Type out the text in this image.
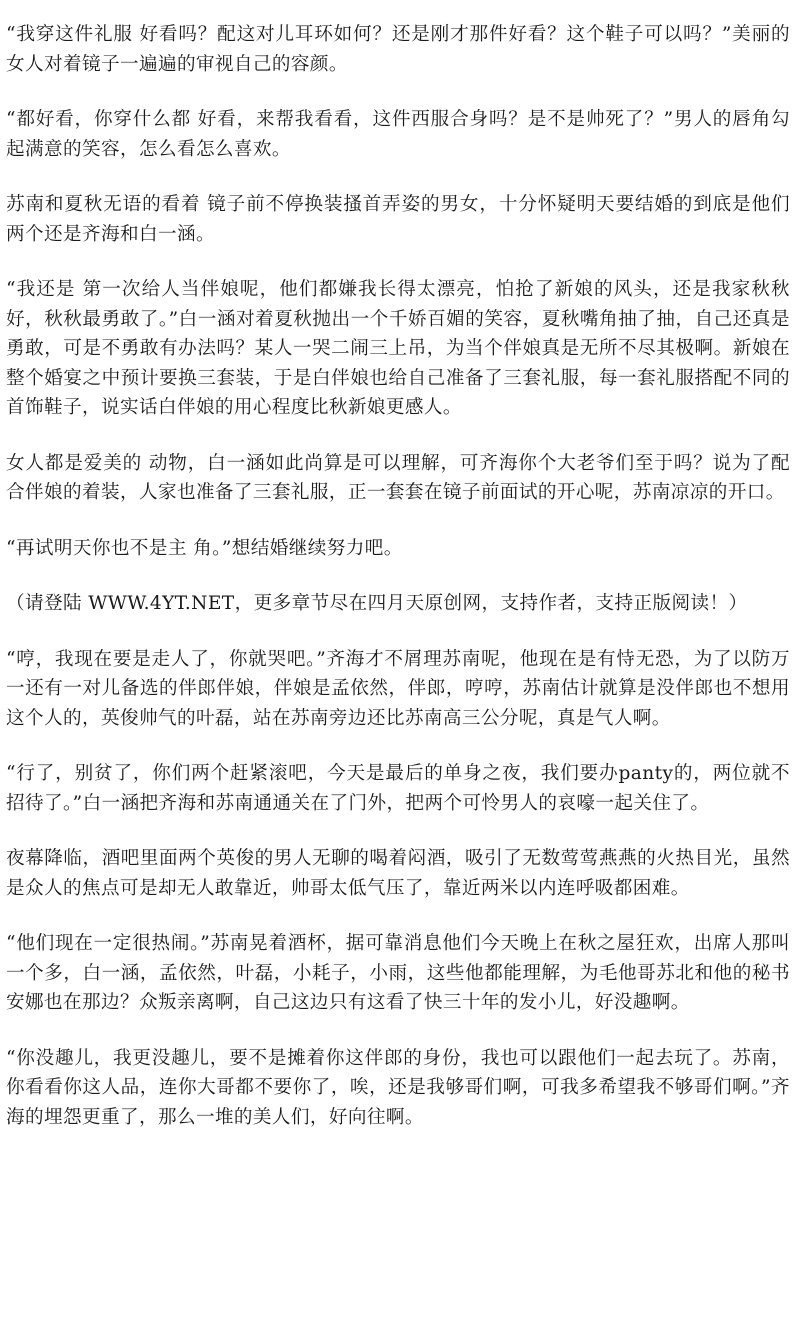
“我穿这件礼服 好看吗？配这对儿耳环如何？还是刚才那件好看？这个鞋子可以吗？”美丽的女人对着镜子一遍遍的审视自己的容颜。

“都好看，你穿什么都 好看，来帮我看看，这件西服合身吗？是不是帅死了？”男人的唇角勾起满意的笑容，怎么看怎么喜欢。

苏南和夏秋无语的看着 镜子前不停换装搔首弄姿的男女，十分怀疑明天要结婚的到底是他们两个还是齐海和白一涵。

“我还是 第一次给人当伴娘呢，他们都嫌我长得太漂亮，怕抢了新娘的风头，还是我家秋秋好，秋秋最勇敢了。”白一涵对着夏秋抛出一个千娇百媚的笑容，夏秋嘴角抽了抽，自己还真是勇敢，可是不勇敢有办法吗？某人一哭二闹三上吊，为当个伴娘真是无所不尽其极啊。新娘在整个婚宴之中预计要换三套装，于是白伴娘也给自己准备了三套礼服，每一套礼服搭配不同的首饰鞋子，说实话白伴娘的用心程度比秋新娘更感人。

女人都是爱美的 动物，白一涵如此尚算是可以理解，可齐海你个大老爷们至于吗？说为了配合伴娘的着装，人家也准备了三套礼服，正一套套在镜子前面试的开心呢，苏南凉凉的开口。

“再试明天你也不是主 角。”想结婚继续努力吧。

（请登陆 WWW.4YT.NET，更多章节尽在四月天原创网，支持作者，支持正版阅读！）

“哼，我现在要是走人了，你就哭吧。”齐海才不屑理苏南呢，他现在是有恃无恐，为了以防万一还有一对儿备选的伴郎伴娘，伴娘是孟依然，伴郎，哼哼，苏南估计就算是没伴郎也不想用这个人的，英俊帅气的叶磊，站在苏南旁边还比苏南高三公分呢，真是气人啊。

“行了，别贫了，你们两个赶紧滚吧，今天是最后的单身之夜，我们要办panty的，两位就不招待了。”白一涵把齐海和苏南通通关在了门外，把两个可怜男人的哀嚎一起关住了。

夜幕降临，酒吧里面两个英俊的男人无聊的喝着闷酒，吸引了无数莺莺燕燕的火热目光，虽然是众人的焦点可是却无人敢靠近，帅哥太低气压了，靠近两米以内连呼吸都困难。

“他们现在一定很热闹。”苏南晃着酒杯，据可靠消息他们今天晚上在秋之屋狂欢，出席人那叫一个多，白一涵，孟依然，叶磊，小耗子，小雨，这些他都能理解，为毛他哥苏北和他的秘书安娜也在那边？众叛亲离啊，自己这边只有这看了快三十年的发小儿，好没趣啊。

“你没趣儿，我更没趣儿，要不是摊着你这伴郎的身份，我也可以跟他们一起去玩了。苏南，你看看你这人品，连你大哥都不要你了，唉，还是我够哥们啊，可我多希望我不够哥们啊。”齐海的埋怨更重了，那么一堆的美人们，好向往啊。
